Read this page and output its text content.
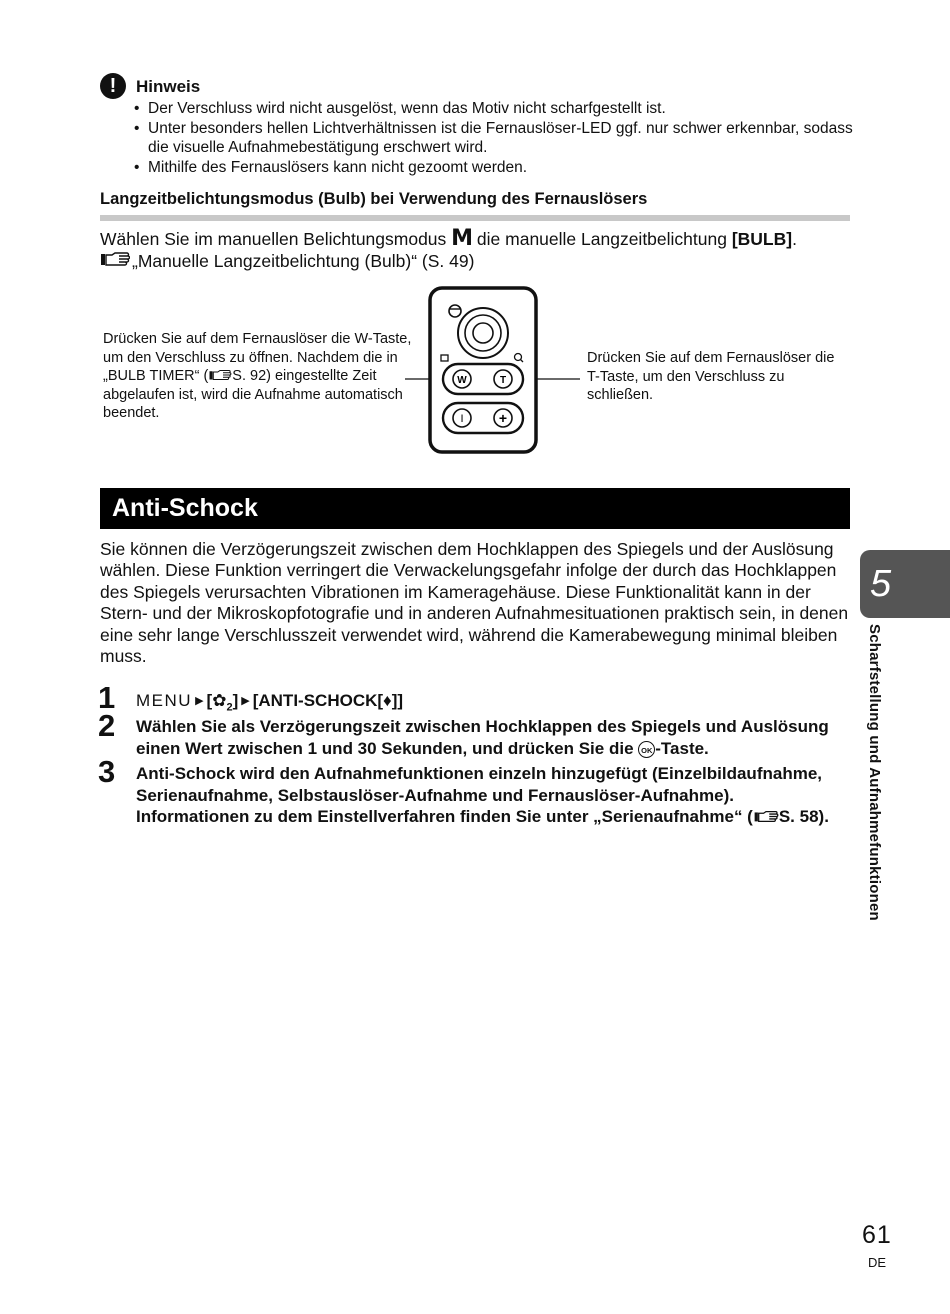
!	Hinweis
• Der Verschluss wird nicht ausgelöst, wenn das Motiv nicht scharfgestellt ist.
• Unter besonders hellen Lichtverhältnissen ist die Fernauslöser-LED ggf. nur schwer erkennbar, sodass die visuelle Aufnahmebestätigung erschwert wird.
• Mithilfe des Fernauslösers kann nicht gezoomt werden.
Langzeitbelichtungsmodus (Bulb) bei Verwendung des Fernauslösers
Wählen Sie im manuellen Belichtungsmodus M die manuelle Langzeitbelichtung [BULB].
„Manuelle Langzeitbelichtung (Bulb)“ (S. 49)
Drücken Sie auf dem Fernauslöser die W-Taste, um den Verschluss zu öffnen. Nachdem die in „BULB TIMER“ ( S. 92) eingestellte Zeit abgelaufen ist, wird die Aufnahme automatisch beendet.
Drücken Sie auf dem Fernauslöser die T-Taste, um den Verschluss zu schließen.
W	T
I	+
Anti-Schock
Sie können die Verzögerungszeit zwischen dem Hochklappen des Spiegels und der Auslösung wählen. Diese Funktion verringert die Verwackelungsgefahr infolge der durch das Hochklappen des Spiegels verursachten Vibrationen im Kameragehäuse. Diese Funktionalität kann in der Stern- und der Mikroskopfotografie und in anderen Aufnahmesituationen praktisch sein, in denen eine sehr lange Verschlusszeit verwendet wird, während die Kamerabewegung minimal bleiben muss.
1 MENU ▶ $[✿_2]$ ▶ [ANTI-SCHOCK[♦]]
2 Wählen Sie als Verzögerungszeit zwischen Hochklappen des Spiegels und Auslösung einen Wert zwischen 1 und 30 Sekunden, und drücken Sie die OK -Taste.
3 Anti-Schock wird den Aufnahmefunktionen einzeln hinzugefügt (Einzelbildaufnahme, Serienaufnahme, Selbstauslöser-Aufnahme und Fernauslöser-Aufnahme). Informationen zu dem Einstellverfahren finden Sie unter „Serienaufnahme“ ( S. 58).
5
Scharfstellung und Aufnahmefunktionen
61
DE
